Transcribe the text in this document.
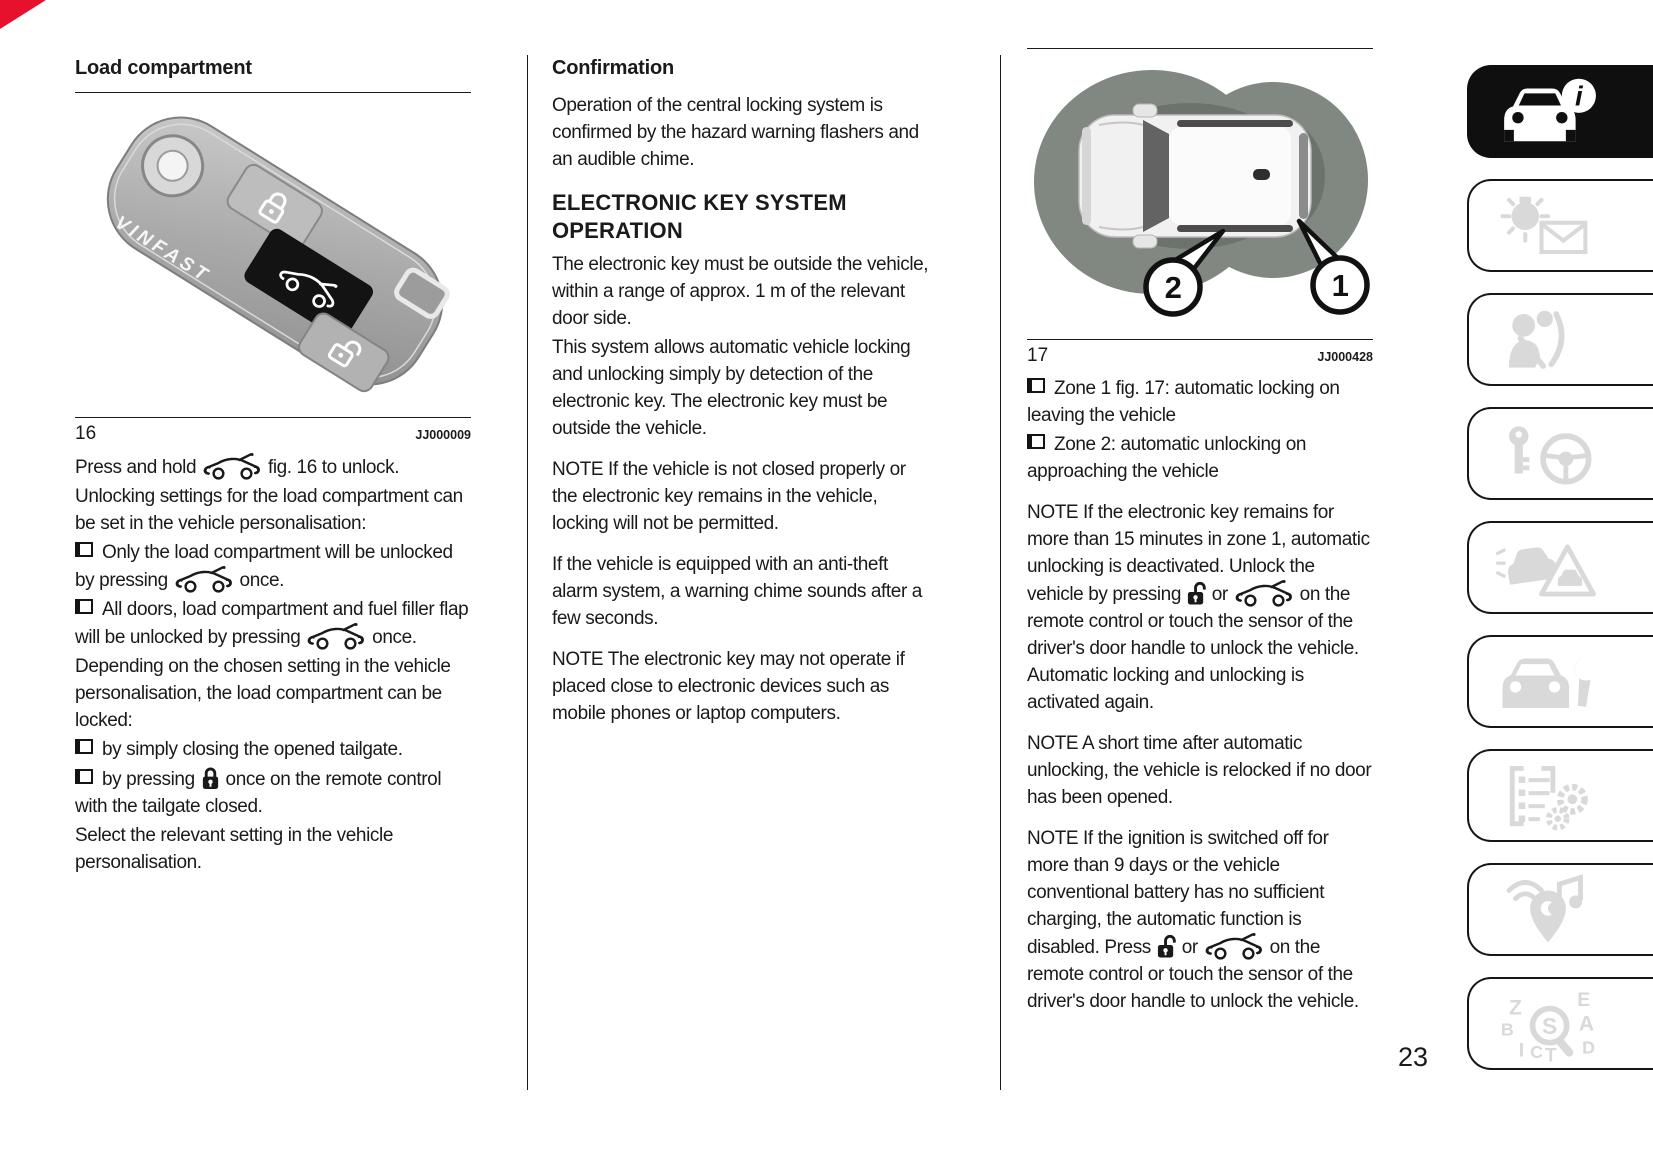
Load compartment
VINFAST
16	JJ000009

Press and hold	fig. 16 to unlock.

Unlocking settings for the load compartment can be set in the vehicle personalisation:

Only the load compartment will be unlocked by pressing	once.

All doors, load compartment and fuel filler flap will be unlocked by pressing	once.

Depending on the chosen setting in the vehicle personalisation, the load compartment can be locked:

by simply closing the opened tailgate.

by pressing once on the remote control with the tailgate closed.

Select the relevant setting in the vehicle personalisation.

Confirmation

Operation of the central locking system is confirmed by the hazard warning flashers and an audible chime.

ELECTRONIC KEY SYSTEM OPERATION

The electronic key must be outside the vehicle, within a range of approx. 1 m of the relevant door side.

This system allows automatic vehicle locking and unlocking simply by detection of the electronic key. The electronic key must be outside the vehicle.

NOTE If the vehicle is not closed properly or the electronic key remains in the vehicle, locking will not be permitted.

If the vehicle is equipped with an anti-theft alarm system, a warning chime sounds after a few seconds.

NOTE The electronic key may not operate if placed close to electronic devices such as mobile phones or laptop computers.

2	1
17	JJ000428

Zone 1 fig. 17: automatic locking on leaving the vehicle

Zone 2: automatic unlocking on approaching the vehicle

NOTE If the electronic key remains for more than 15 minutes in zone 1, automatic unlocking is deactivated. Unlock the vehicle by pressing or	on the remote control or touch the sensor of the driver's door handle to unlock the vehicle. Automatic locking and unlocking is activated again.

NOTE A short time after automatic unlocking, the vehicle is relocked if no door has been opened.

NOTE If the ignition is switched off for more than 9 days or the vehicle conventional battery has no sufficient charging, the automatic function is disabled. Press or	on the remote control or touch the sensor of the driver's door handle to unlock the vehicle.

i
Z E
B	A
I C T D
S
23
